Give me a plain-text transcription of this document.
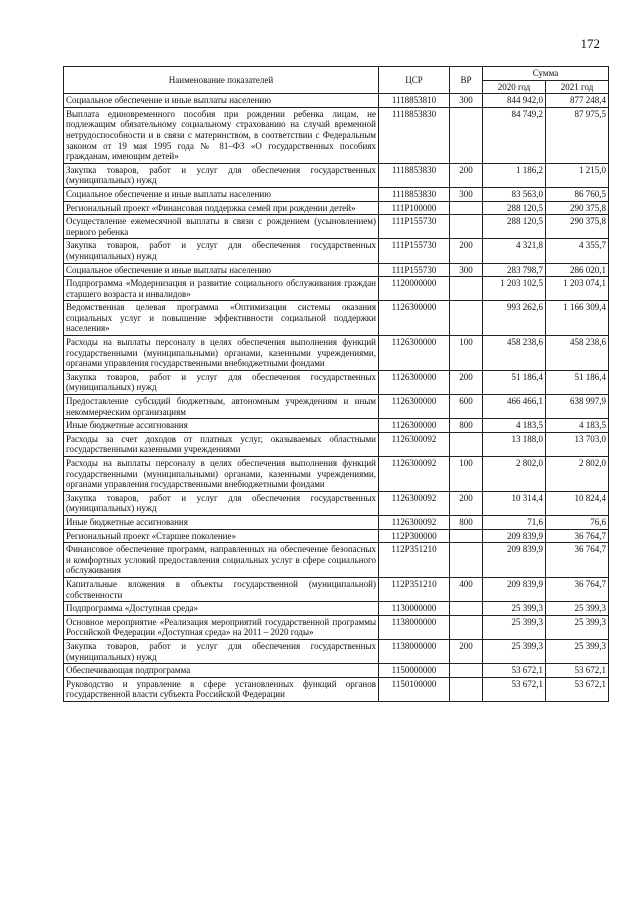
172
Наименование показателей	ЦСР	ВР	Сумма	
			2020 год	2021 год
Социальное обеспечение и иные выплаты населению	1118853810	300	844 942,0	877 248,4
Выплата единовременного пособия при рождении ребенка лицам, не подлежащим обязательному социальному страхованию на случай временной нетрудоспособности и в связи с материнством, в соответствии с Федеральным законом от 19 мая 1995 года № 81–ФЗ «О государственных пособиях гражданам, имеющим детей»	1118853830		84 749,2	87 975,5
Закупка товаров, работ и услуг для обеспечения государственных (муниципальных) нужд	1118853830	200	1 186,2	1 215,0
Социальное обеспечение и иные выплаты населению	1118853830	300	83 563,0	86 760,5
Региональный проект «Финансовая поддержка семей при рождении детей»	111P100000		288 120,5	290 375,8
Осуществление ежемесячной выплаты в связи с рождением (усыновлением) первого ребенка	111P155730		288 120,5	290 375,8
Закупка товаров, работ и услуг для обеспечения государственных (муниципальных) нужд	111P155730	200	4 321,8	4 355,7
Социальное обеспечение и иные выплаты населению	111P155730	300	283 798,7	286 020,1
Подпрограмма «Модернизация и развитие социального обслуживания граждан старшего возраста и инвалидов»	1120000000		1 203 102,5	1 203 074,1
Ведомственная целевая программа «Оптимизация системы оказания социальных услуг и повышение эффективности социальной поддержки населения»	1126300000		993 262,6	1 166 309,4
Расходы на выплаты персоналу в целях обеспечения выполнения функций государственными (муниципальными) органами, казенными учреждениями, органами управления государственными внебюджетными фондами	1126300000	100	458 238,6	458 238,6
Закупка товаров, работ и услуг для обеспечения государственных (муниципальных) нужд	1126300000	200	51 186,4	51 186,4
Предоставление субсидий бюджетным, автономным учреждениям и иным некоммерческим организациям	1126300000	600	466 466,1	638 997,9
Иные бюджетные ассигнования	1126300000	800	4 183,5	4 183,5
Расходы за счет доходов от платных услуг, оказываемых областными государственными казенными учреждениями	1126300092		13 188,0	13 703,0
Расходы на выплаты персоналу в целях обеспечения выполнения функций государственными (муниципальными) органами, казенными учреждениями, органами управления государственными внебюджетными фондами	1126300092	100	2 802,0	2 802,0
Закупка товаров, работ и услуг для обеспечения государственных (муниципальных) нужд	1126300092	200	10 314,4	10 824,4
Иные бюджетные ассигнования	1126300092	800	71,6	76,6
Региональный проект «Старшее поколение»	112P300000		209 839,9	36 764,7
Финансовое обеспечение программ, направленных на обеспечение безопасных и комфортных условий предоставления социальных услуг в сфере социального обслуживания	112P351210		209 839,9	36 764,7
Капитальные вложения в объекты государственной (муниципальной) собственности	112P351210	400	209 839,9	36 764,7
Подпрограмма «Доступная среда»	1130000000		25 399,3	25 399,3
Основное мероприятие «Реализация мероприятий государственной программы Российской Федерации «Доступная среда» на 2011 – 2020 годы»	1138000000		25 399,3	25 399,3
Закупка товаров, работ и услуг для обеспечения государственных (муниципальных) нужд	1138000000	200	25 399,3	25 399,3
Обеспечивающая подпрограмма	1150000000		53 672,1	53 672,1
Руководство и управление в сфере установленных функций органов государственной власти субъекта Российской Федерации	1150100000		53 672,1	53 672,1
